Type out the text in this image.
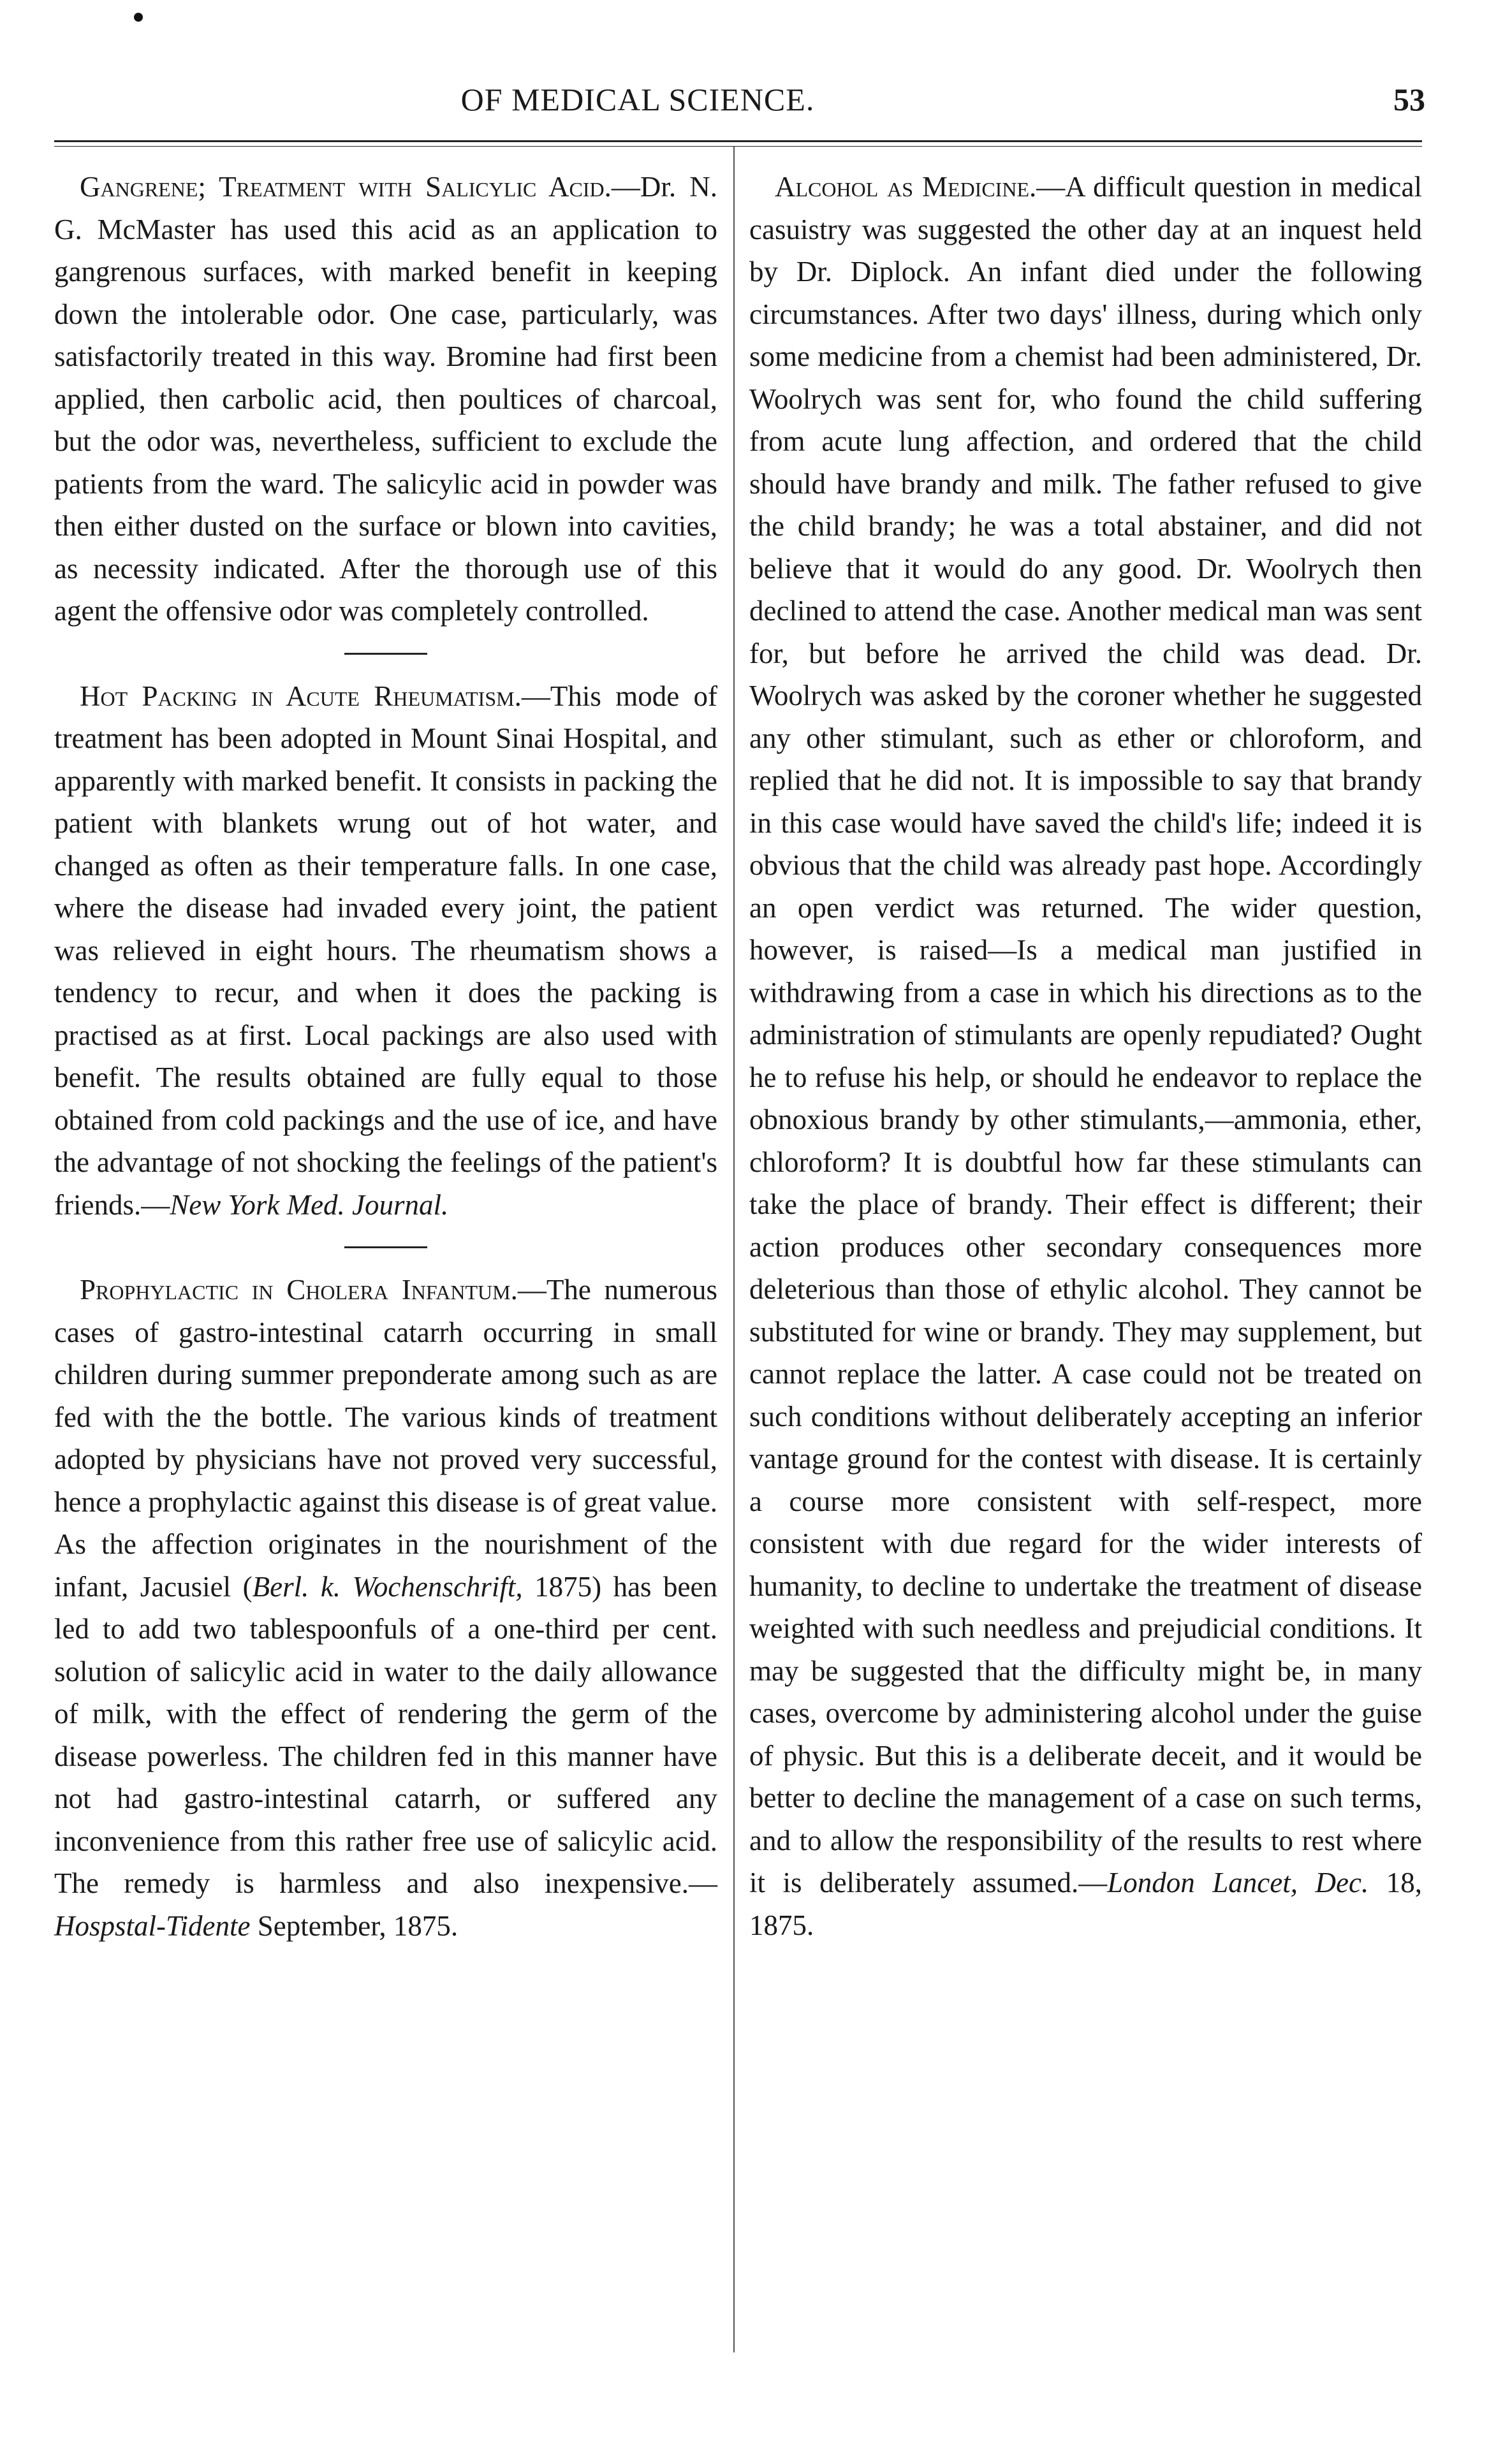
OF MEDICAL SCIENCE.	53

Gangrene; Treatment with Salicylic Acid.—Dr. N. G. McMaster has used this acid as an application to gangrenous surfaces, with marked benefit in keeping down the intolerable odor. One case, particularly, was satisfactorily treated in this way. Bromine had first been applied, then carbolic acid, then poultices of charcoal, but the odor was, nevertheless, sufficient to exclude the patients from the ward. The salicylic acid in powder was then either dusted on the surface or blown into cavities, as necessity indicated. After the thorough use of this agent the offensive odor was completely controlled.

Hot Packing in Acute Rheumatism.—This mode of treatment has been adopted in Mount Sinai Hospital, and apparently with marked benefit. It consists in packing the patient with blankets wrung out of hot water, and changed as often as their temperature falls. In one case, where the disease had invaded every joint, the patient was relieved in eight hours. The rheumatism shows a tendency to recur, and when it does the packing is practised as at first. Local packings are also used with benefit. The results obtained are fully equal to those obtained from cold packings and the use of ice, and have the advantage of not shocking the feelings of the patient's friends.—New York Med. Journal.

Prophylactic in Cholera Infantum.—The numerous cases of gastro-intestinal catarrh occurring in small children during summer preponderate among such as are fed with the the bottle. The various kinds of treatment adopted by physicians have not proved very successful, hence a prophylactic against this disease is of great value. As the affection originates in the nourishment of the infant, Jacusiel (Berl. k. Wochenschrift, 1875) has been led to add two tablespoonfuls of a one-third per cent. solution of salicylic acid in water to the daily allowance of milk, with the effect of rendering the germ of the disease powerless. The children fed in this manner have not had gastro-intestinal catarrh, or suffered any inconvenience from this rather free use of salicylic acid. The remedy is harmless and also inexpensive.—Hospstal-Tidente September, 1875.

Alcohol as Medicine.—A difficult question in medical casuistry was suggested the other day at an inquest held by Dr. Diplock. An infant died under the following circumstances. After two days' illness, during which only some medicine from a chemist had been administered, Dr. Woolrych was sent for, who found the child suffering from acute lung affection, and ordered that the child should have brandy and milk. The father refused to give the child brandy; he was a total abstainer, and did not believe that it would do any good. Dr. Woolrych then declined to attend the case. Another medical man was sent for, but before he arrived the child was dead. Dr. Woolrych was asked by the coroner whether he suggested any other stimulant, such as ether or chloroform, and replied that he did not. It is impossible to say that brandy in this case would have saved the child's life; indeed it is obvious that the child was already past hope. Accordingly an open verdict was returned. The wider question, however, is raised—Is a medical man justified in withdrawing from a case in which his directions as to the administration of stimulants are openly repudiated? Ought he to refuse his help, or should he endeavor to replace the obnoxious brandy by other stimulants,—ammonia, ether, chloroform? It is doubtful how far these stimulants can take the place of brandy. Their effect is different; their action produces other secondary consequences more deleterious than those of ethylic alcohol. They cannot be substituted for wine or brandy. They may supplement, but cannot replace the latter. A case could not be treated on such conditions without deliberately accepting an inferior vantage ground for the contest with disease. It is certainly a course more consistent with self-respect, more consistent with due regard for the wider interests of humanity, to decline to undertake the treatment of disease weighted with such needless and prejudicial conditions. It may be suggested that the difficulty might be, in many cases, overcome by administering alcohol under the guise of physic. But this is a deliberate deceit, and it would be better to decline the management of a case on such terms, and to allow the responsibility of the results to rest where it is deliberately assumed.—London Lancet, Dec. 18, 1875.
